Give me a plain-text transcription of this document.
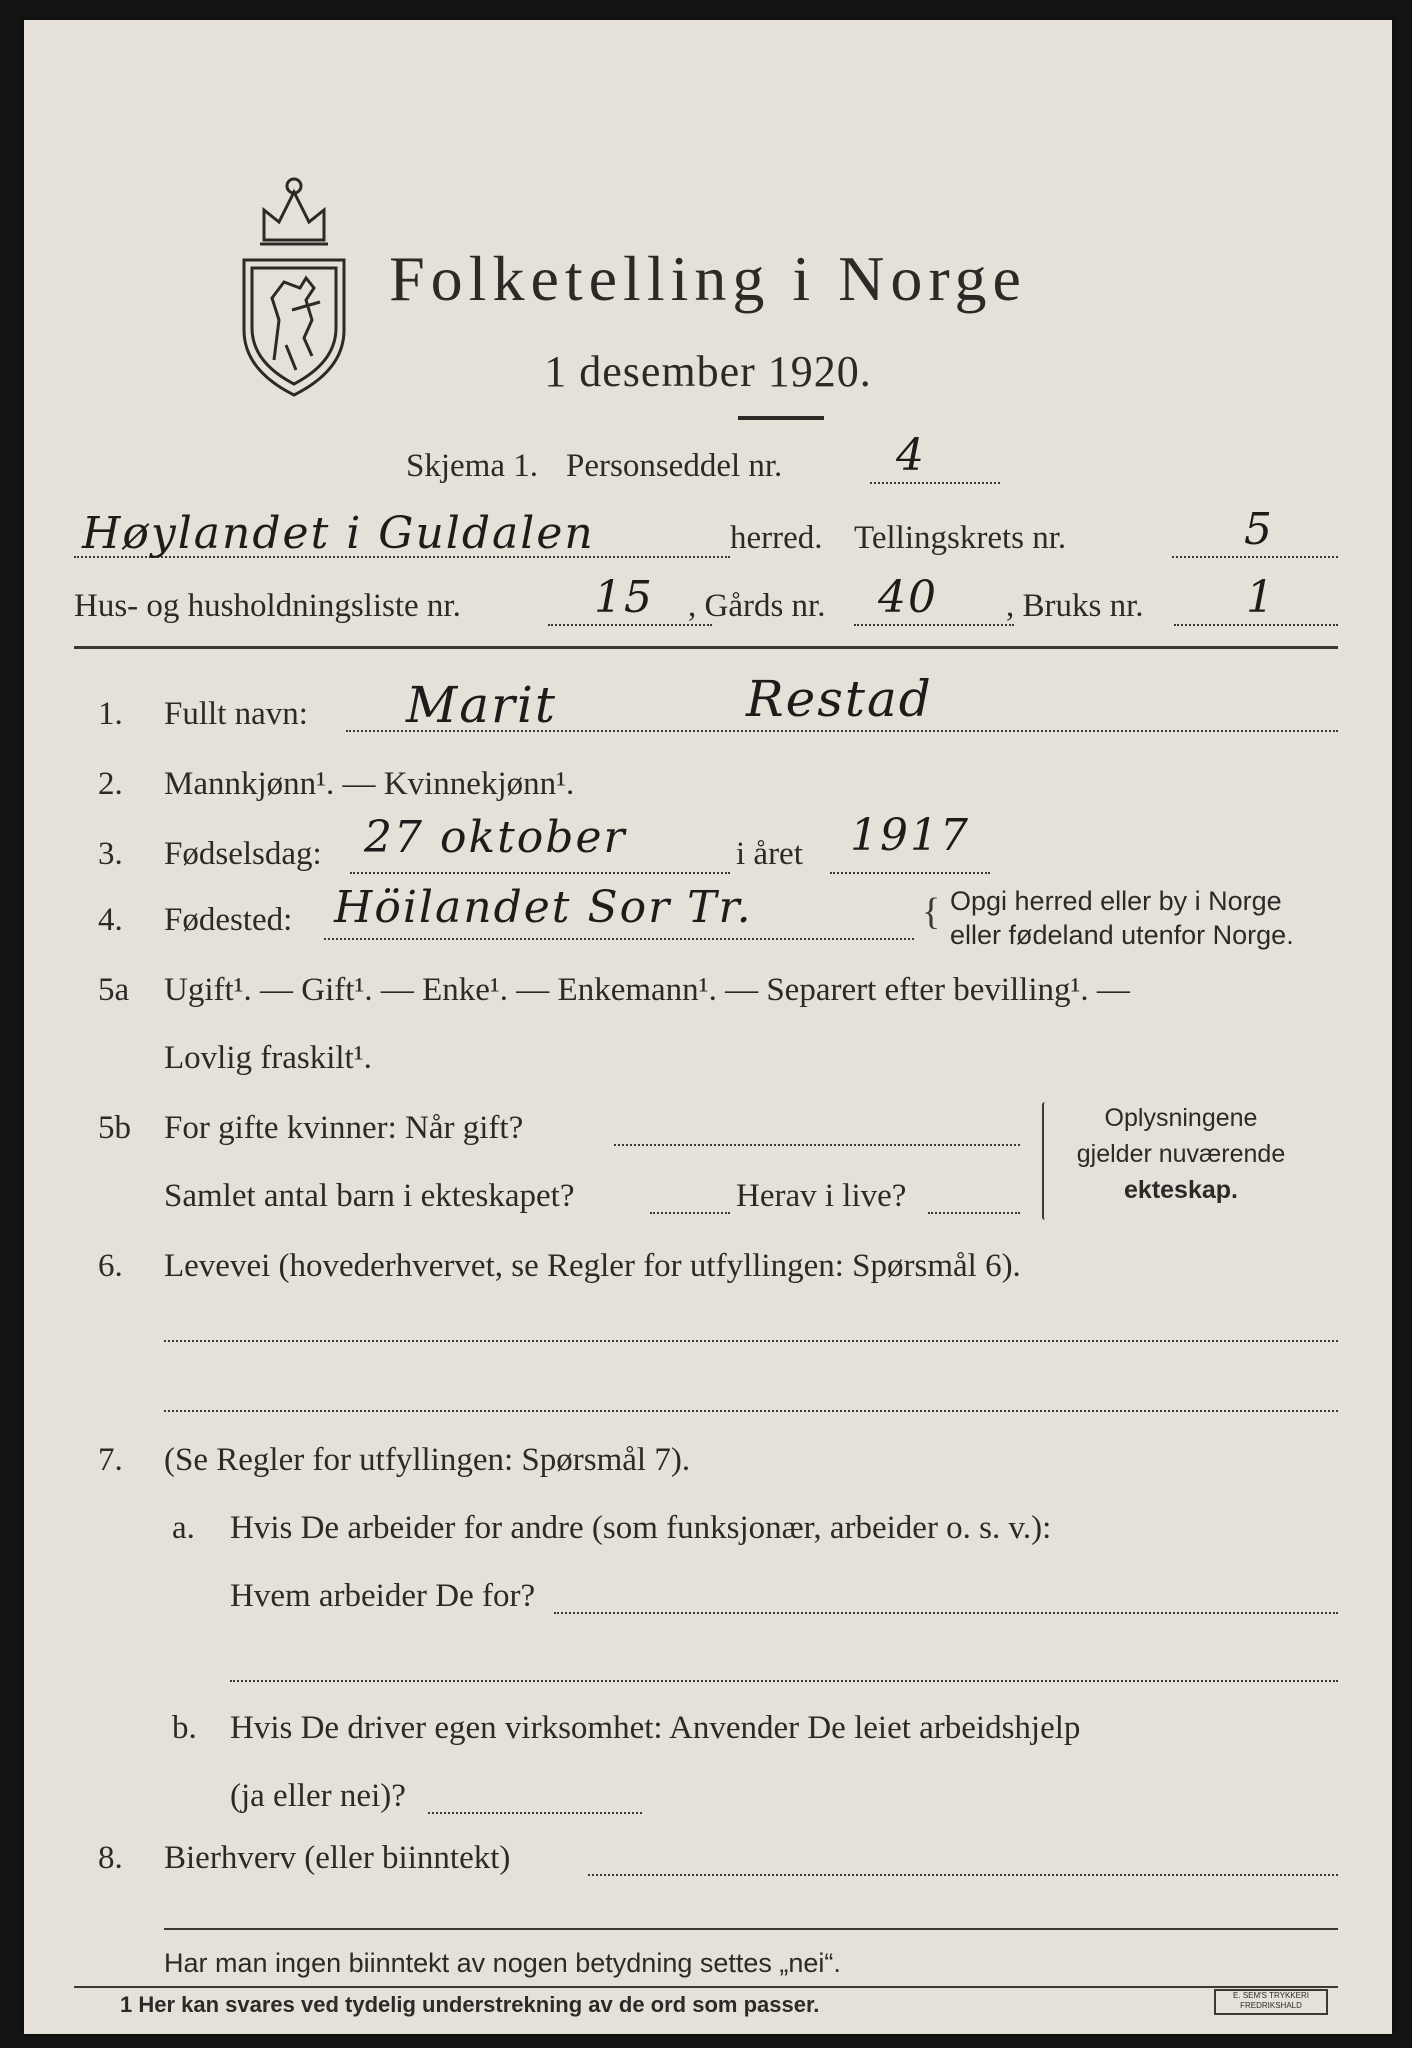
Folketelling i Norge
1 desember 1920.
Skjema 1. Personseddel nr.	4
Høylandet i Guldalen	herred. Tellingskrets nr.	5
Hus- og husholdningsliste nr.	15 , Gårds nr. 40 , Bruks nr. 1
1. Fullt navn: Marit	Restad
2. Mannkjønn¹. — Kvinnekjønn¹.
3. Fødselsdag: 27 oktober	i året 1917
4. Fødested: Höilandet Sor Tr.	{ Opgi herred eller by i Norge
eller fødeland utenfor Norge.
5a Ugift¹. — Gift¹. — Enke¹. — Enkemann¹. — Separert efter bevilling¹. —
Lovlig fraskilt¹.
5b For gifte kvinner: Når gift?
Samlet antal barn i ekteskapet?	Herav i live?
Oplysningene
gjelder nuværende
ekteskap.
6. Levevei (hovederhvervet, se Regler for utfyllingen: Spørsmål 6).
7. (Se Regler for utfyllingen: Spørsmål 7).
a. Hvis De arbeider for andre (som funksjonær, arbeider o. s. v.):
Hvem arbeider De for?
b. Hvis De driver egen virksomhet: Anvender De leiet arbeidshjelp
(ja eller nei)?
8. Bierhverv (eller biinntekt)
Har man ingen biinntekt av nogen betydning settes „nei“.
1 Her kan svares ved tydelig understrekning av de ord som passer.	E. SEM'S TRYKKERI FREDRIKSHALD
